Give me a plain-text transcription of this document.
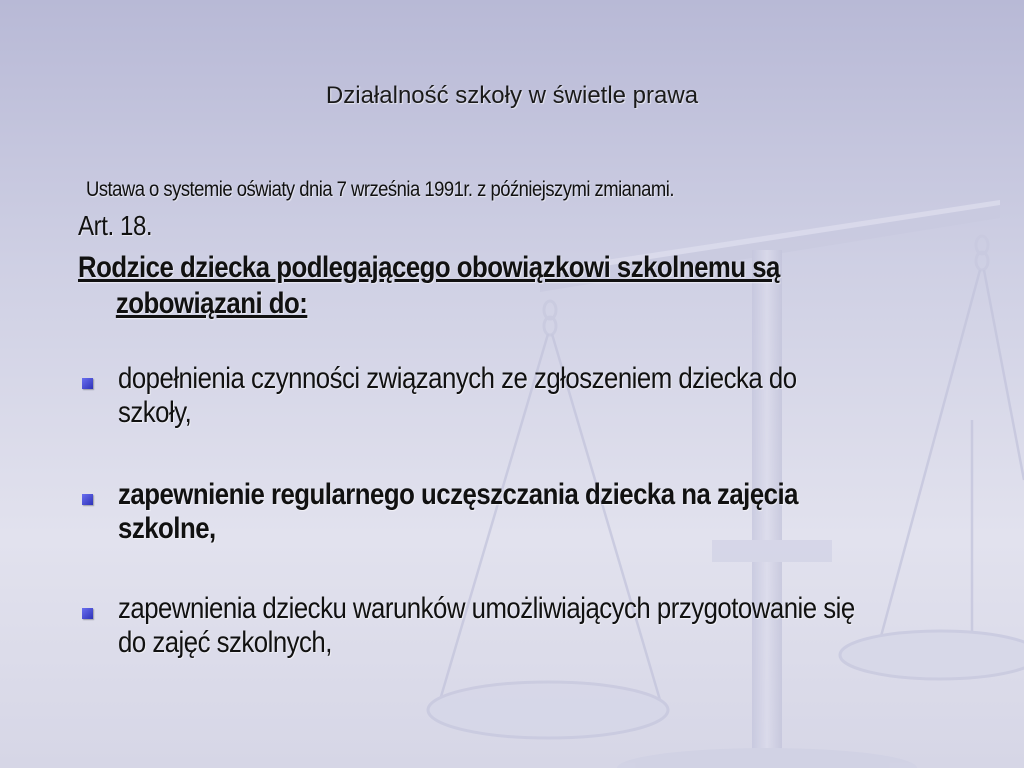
Działalność szkoły w świetle prawa
Ustawa o systemie oświaty dnia 7 września 1991r. z późniejszymi zmianami.
Art. 18.
Rodzice dziecka podlegającego obowiązkowi szkolnemu są
zobowiązani do:
dopełnienia czynności związanych ze zgłoszeniem dziecka do
szkoły,
zapewnienie regularnego uczęszczania dziecka na zajęcia
szkolne,
zapewnienia dziecku warunków umożliwiających przygotowanie się
do zajęć szkolnych,
